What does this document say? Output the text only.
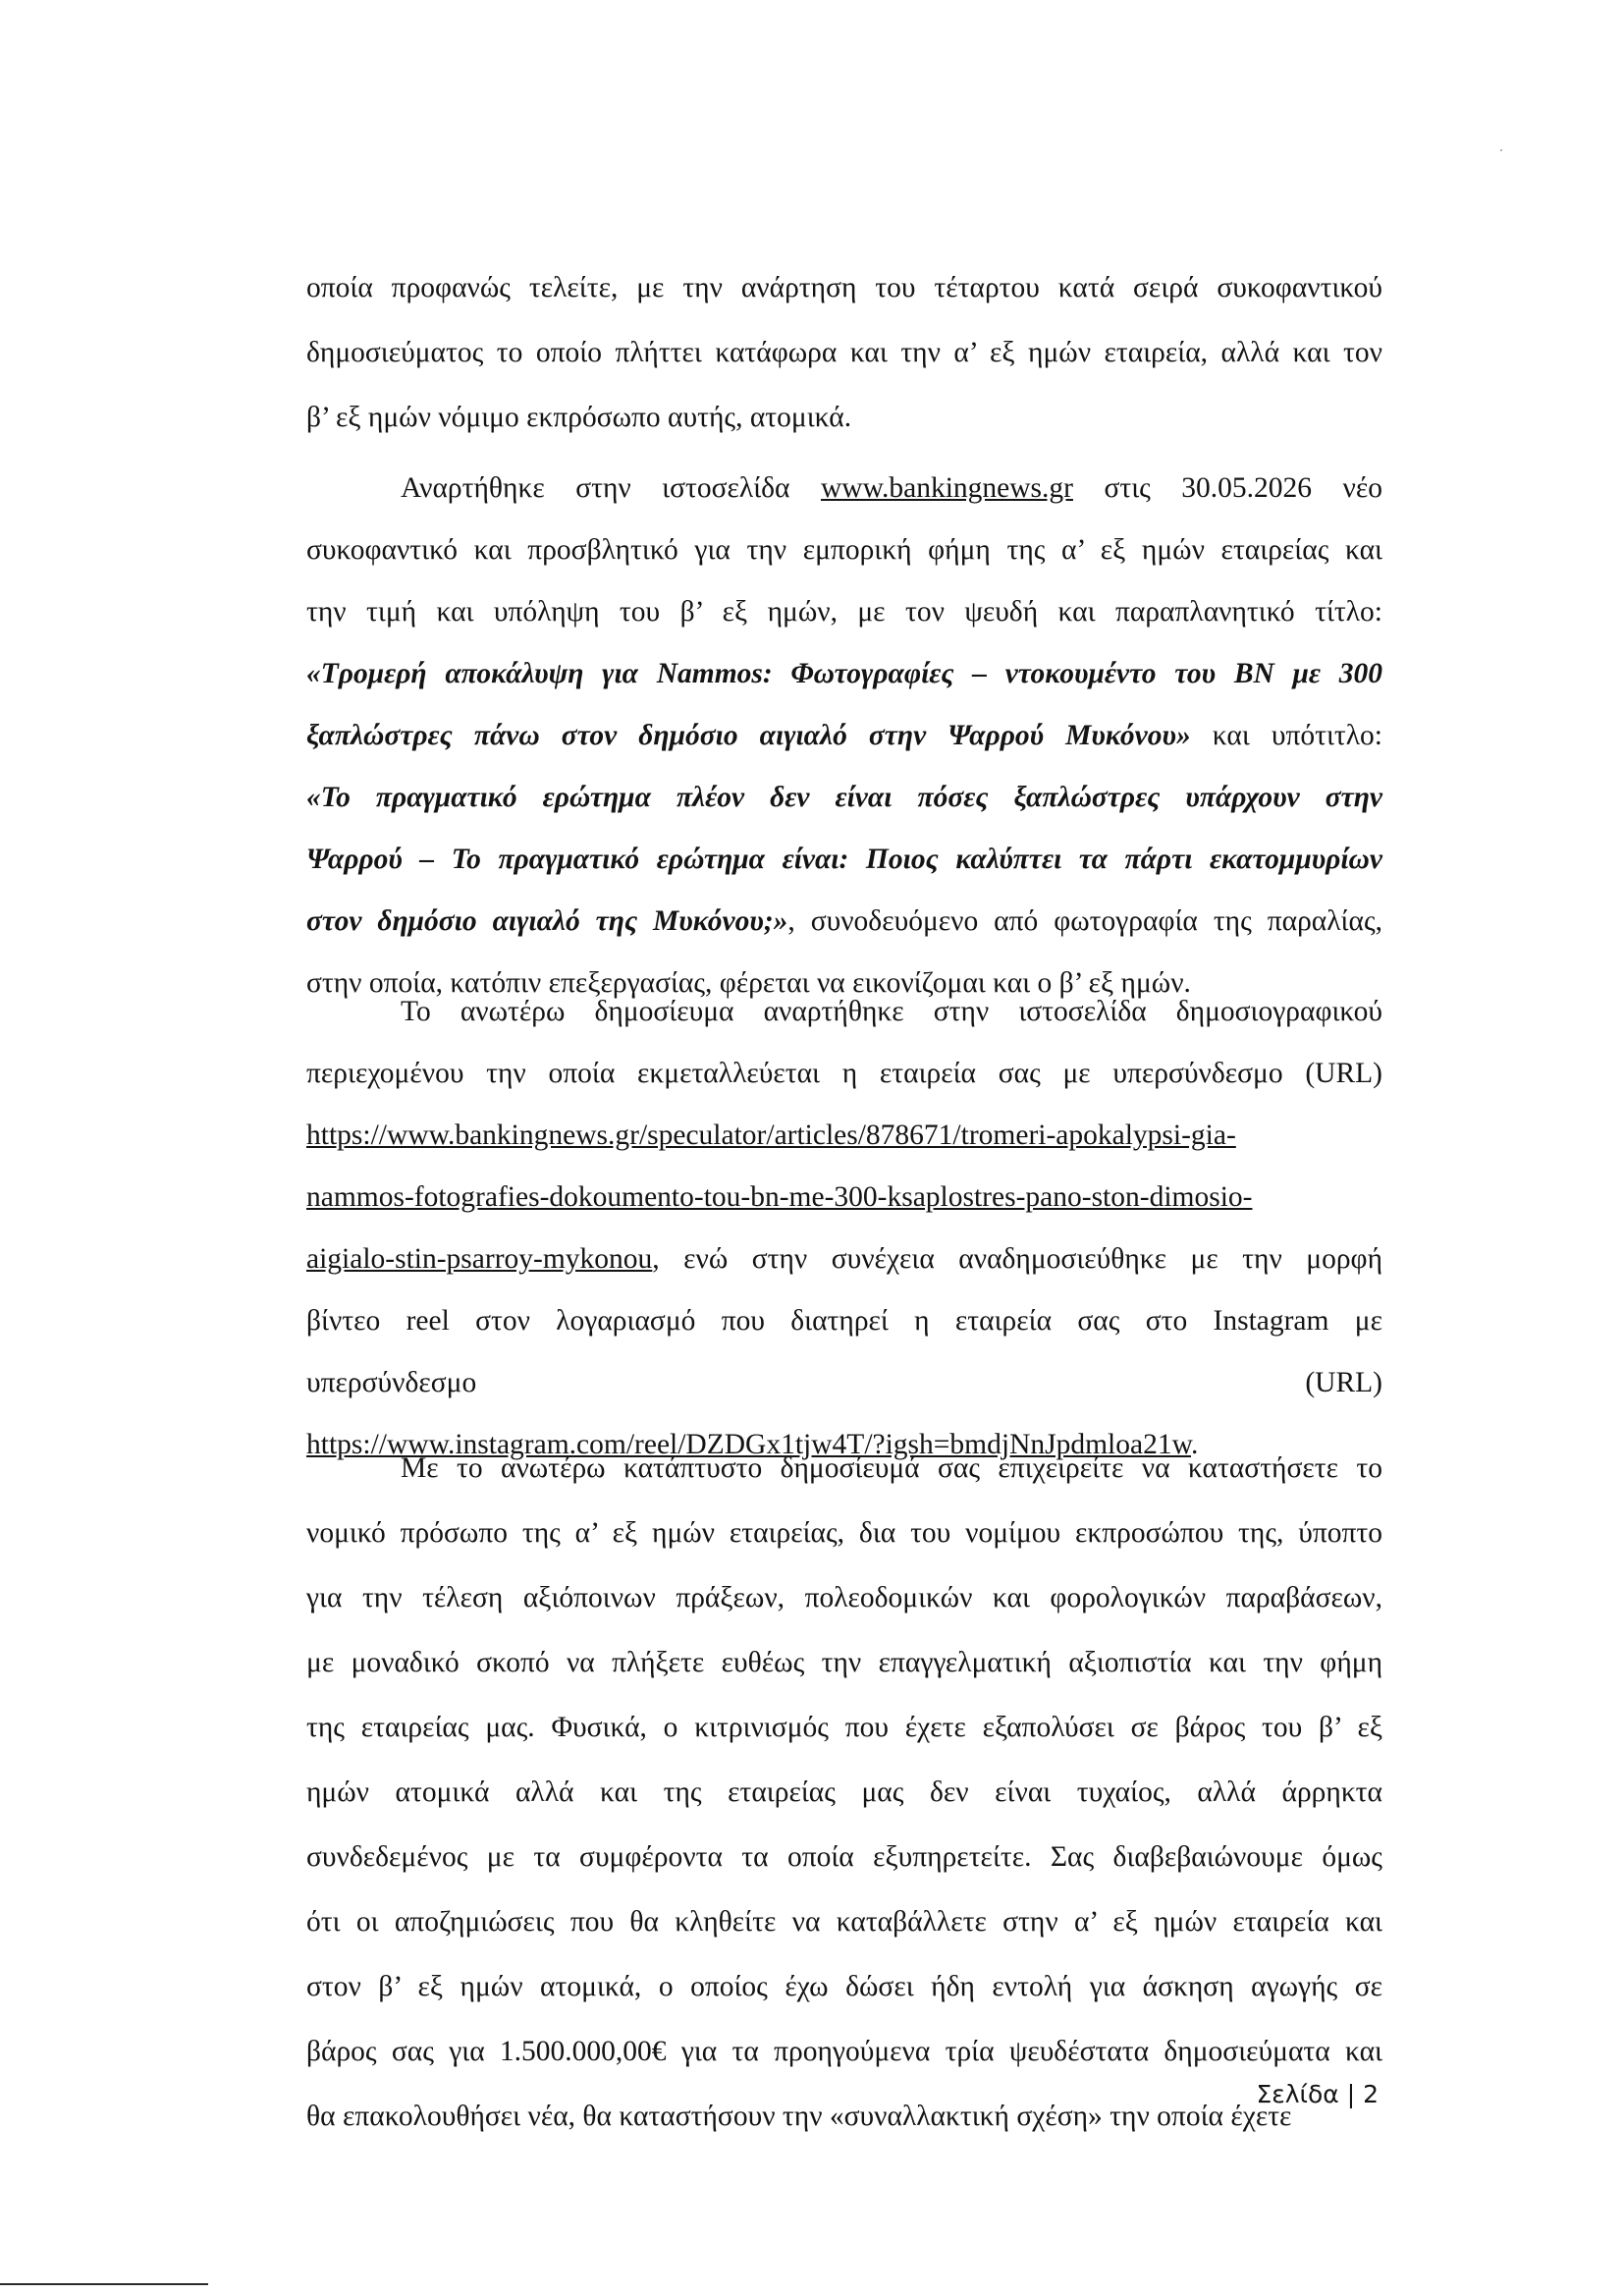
οποία προφανώς τελείτε, με την ανάρτηση του τέταρτου κατά σειρά συκοφαντικού
δημοσιεύματος το οποίο πλήττει κατάφωρα και την α’ εξ ημών εταιρεία, αλλά και τον
β’ εξ ημών νόμιμο εκπρόσωπο αυτής, ατομικά.
Αναρτήθηκε στην ιστοσελίδα www.bankingnews.gr στις 30.05.2026 νέο
συκοφαντικό και προσβλητικό για την εμπορική φήμη της α’ εξ ημών εταιρείας και
την τιμή και υπόληψη του β’ εξ ημών, με τον ψευδή και παραπλανητικό τίτλο:
«Τρομερή αποκάλυψη για Nammos: Φωτογραφίες – ντοκουμέντο του BN με 300
ξαπλώστρες πάνω στον δημόσιο αιγιαλό στην Ψαρρού Μυκόνου» και υπότιτλο:
«Το πραγματικό ερώτημα πλέον δεν είναι πόσες ξαπλώστρες υπάρχουν στην
Ψαρρού – Το πραγματικό ερώτημα είναι: Ποιος καλύπτει τα πάρτι εκατομμυρίων
στον δημόσιο αιγιαλό της Μυκόνου;», συνοδευόμενο από φωτογραφία της παραλίας,
στην οποία, κατόπιν επεξεργασίας, φέρεται να εικονίζομαι και ο β’ εξ ημών.
Το ανωτέρω δημοσίευμα αναρτήθηκε στην ιστοσελίδα δημοσιογραφικού
περιεχομένου την οποία εκμεταλλεύεται η εταιρεία σας με υπερσύνδεσμο (URL)
https://www.bankingnews.gr/speculator/articles/878671/tromeri-apokalypsi-gia-
nammos-fotografies-dokoumento-tou-bn-me-300-ksaplostres-pano-ston-dimosio-
aigialo-stin-psarroy-mykonou, ενώ στην συνέχεια αναδημοσιεύθηκε με την μορφή
βίντεο reel στον λογαριασμό που διατηρεί η εταιρεία σας στο Instagram με
υπερσύνδεσμο (URL)
https://www.instagram.com/reel/DZDGx1tjw4T/?igsh=bmdjNnJpdmloa21w.
Με το ανωτέρω κατάπτυστο δημοσίευμά σας επιχειρείτε να καταστήσετε το
νομικό πρόσωπο της α’ εξ ημών εταιρείας, δια του νομίμου εκπροσώπου της, ύποπτο
για την τέλεση αξιόποινων πράξεων, πολεοδομικών και φορολογικών παραβάσεων,
με μοναδικό σκοπό να πλήξετε ευθέως την επαγγελματική αξιοπιστία και την φήμη
της εταιρείας μας. Φυσικά, ο κιτρινισμός που έχετε εξαπολύσει σε βάρος του β’ εξ
ημών ατομικά αλλά και της εταιρείας μας δεν είναι τυχαίος, αλλά άρρηκτα
συνδεδεμένος με τα συμφέροντα τα οποία εξυπηρετείτε. Σας διαβεβαιώνουμε όμως
ότι οι αποζημιώσεις που θα κληθείτε να καταβάλλετε στην α’ εξ ημών εταιρεία και
στον β’ εξ ημών ατομικά, ο οποίος έχω δώσει ήδη εντολή για άσκηση αγωγής σε
βάρος σας για 1.500.000,00€ για τα προηγούμενα τρία ψευδέστατα δημοσιεύματα και
θα επακολουθήσει νέα, θα καταστήσουν την «συναλλακτική σχέση» την οποία έχετε
Σελίδα | 2
